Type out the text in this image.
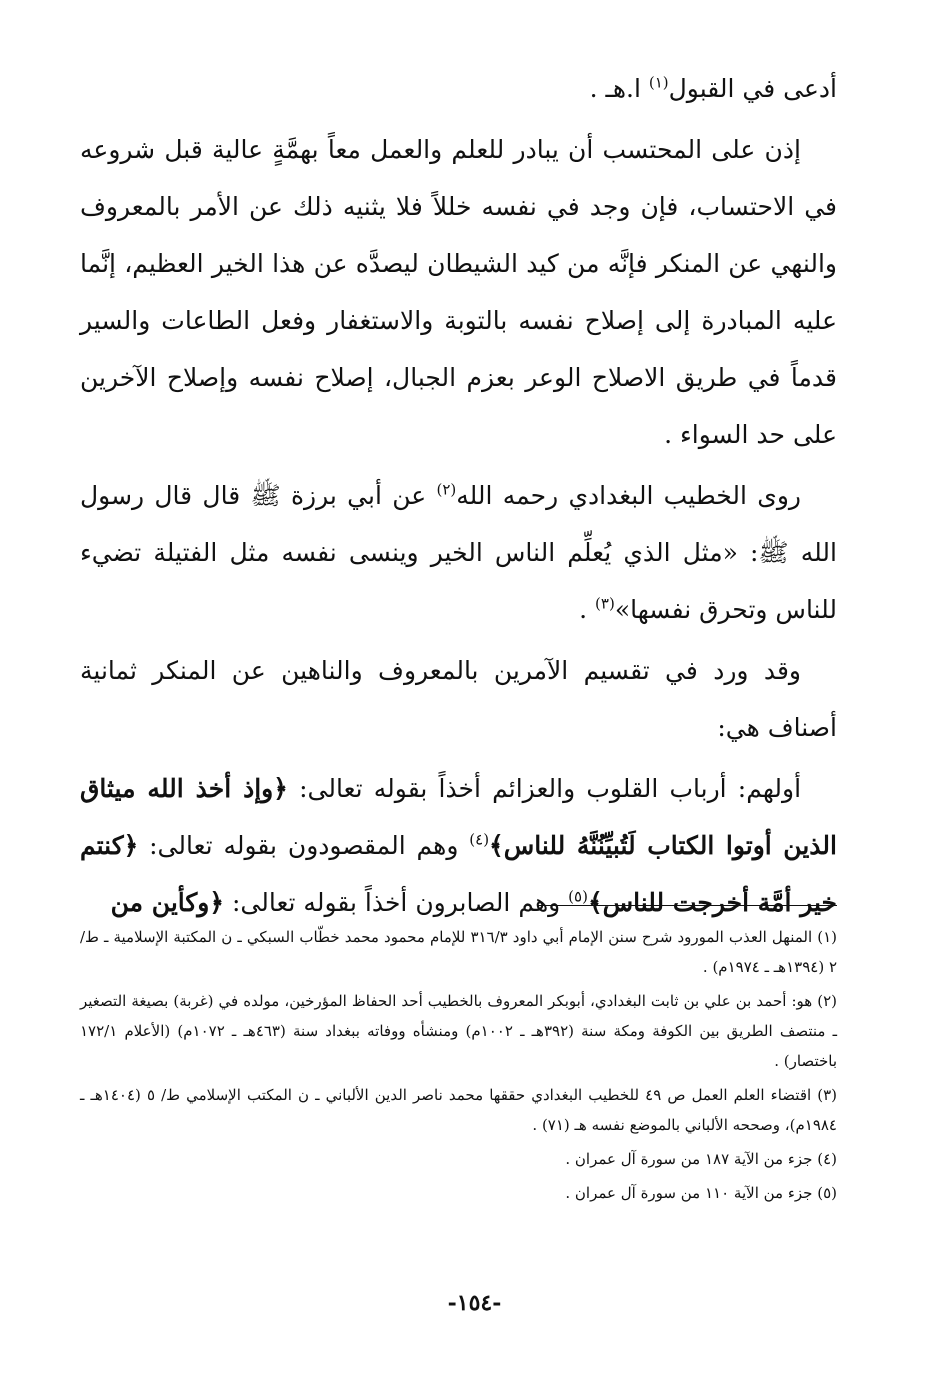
أدعى في القبول$^{(١)}$ ا.هـ .

إذن على المحتسب أن يبادر للعلم والعمل معاً بهمَّةٍ عالية قبل شروعه في الاحتساب، فإن وجد في نفسه خللاً فلا يثنيه ذلك عن الأمر بالمعروف والنهي عن المنكر فإنَّه من كيد الشيطان ليصدَّه عن هذا الخير العظيم، إنَّما عليه المبادرة إلى إصلاح نفسه بالتوبة والاستغفار وفعل الطاعات والسير قدماً في طريق الاصلاح الوعر بعزم الجبال، إصلاح نفسه وإصلاح الآخرين على حد السواء .

روى الخطيب البغدادي رحمه الله$^{(٢)}$ عن أبي برزة ﷺ قال قال رسول الله ﷺ: «مثل الذي يُعلِّم الناس الخير وينسى نفسه مثل الفتيلة تضيء للناس وتحرق نفسها»$^{(٣)}$ .

وقد ورد في تقسيم الآمرين بالمعروف والناهين عن المنكر ثمانية أصناف هي:

أولهم: أرباب القلوب والعزائم أخذاً بقوله تعالى: ﴿وإذ أخذ الله ميثاق الذين أوتوا الكتاب لَتُبيِّنُنَّهُ للناس﴾$^{(٤)}$ وهم المقصودون بقوله تعالى: ﴿كنتم خير أمَّة أخرجت للناس﴾$^{(٥)}$ وهم الصابرون أخذاً بقوله تعالى: ﴿وكأين من

(١) المنهل العذب المورود شرح سنن الإمام أبي داود ٣١٦/٣ للإمام محمود محمد خطّاب السبكي ـ ن المكتبة الإسلامية ـ ط/ ٢ (١٣٩٤هـ ـ ١٩٧٤م) .

(٢) هو: أحمد بن علي بن ثابت البغدادي، أبوبكر المعروف بالخطيب أحد الحفاظ المؤرخين، مولده في (غربة) بصيغة التصغير ـ منتصف الطريق بين الكوفة ومكة سنة (٣٩٢هـ ـ ١٠٠٢م) ومنشأه ووفاته ببغداد سنة (٤٦٣هـ ـ ١٠٧٢م) (الأعلام ١٧٢/١ باختصار) .

(٣) اقتضاء العلم العمل ص ٤٩ للخطيب البغدادي حققها محمد ناصر الدين الألباني ـ ن المكتب الإسلامي ط/ ٥ (١٤٠٤هـ ـ ١٩٨٤م)، وصححه الألباني بالموضع نفسه هـ (٧١) .

(٤) جزء من الآية ١٨٧ من سورة آل عمران .

(٥) جزء من الآية ١١٠ من سورة آل عمران .

-١٥٤-
